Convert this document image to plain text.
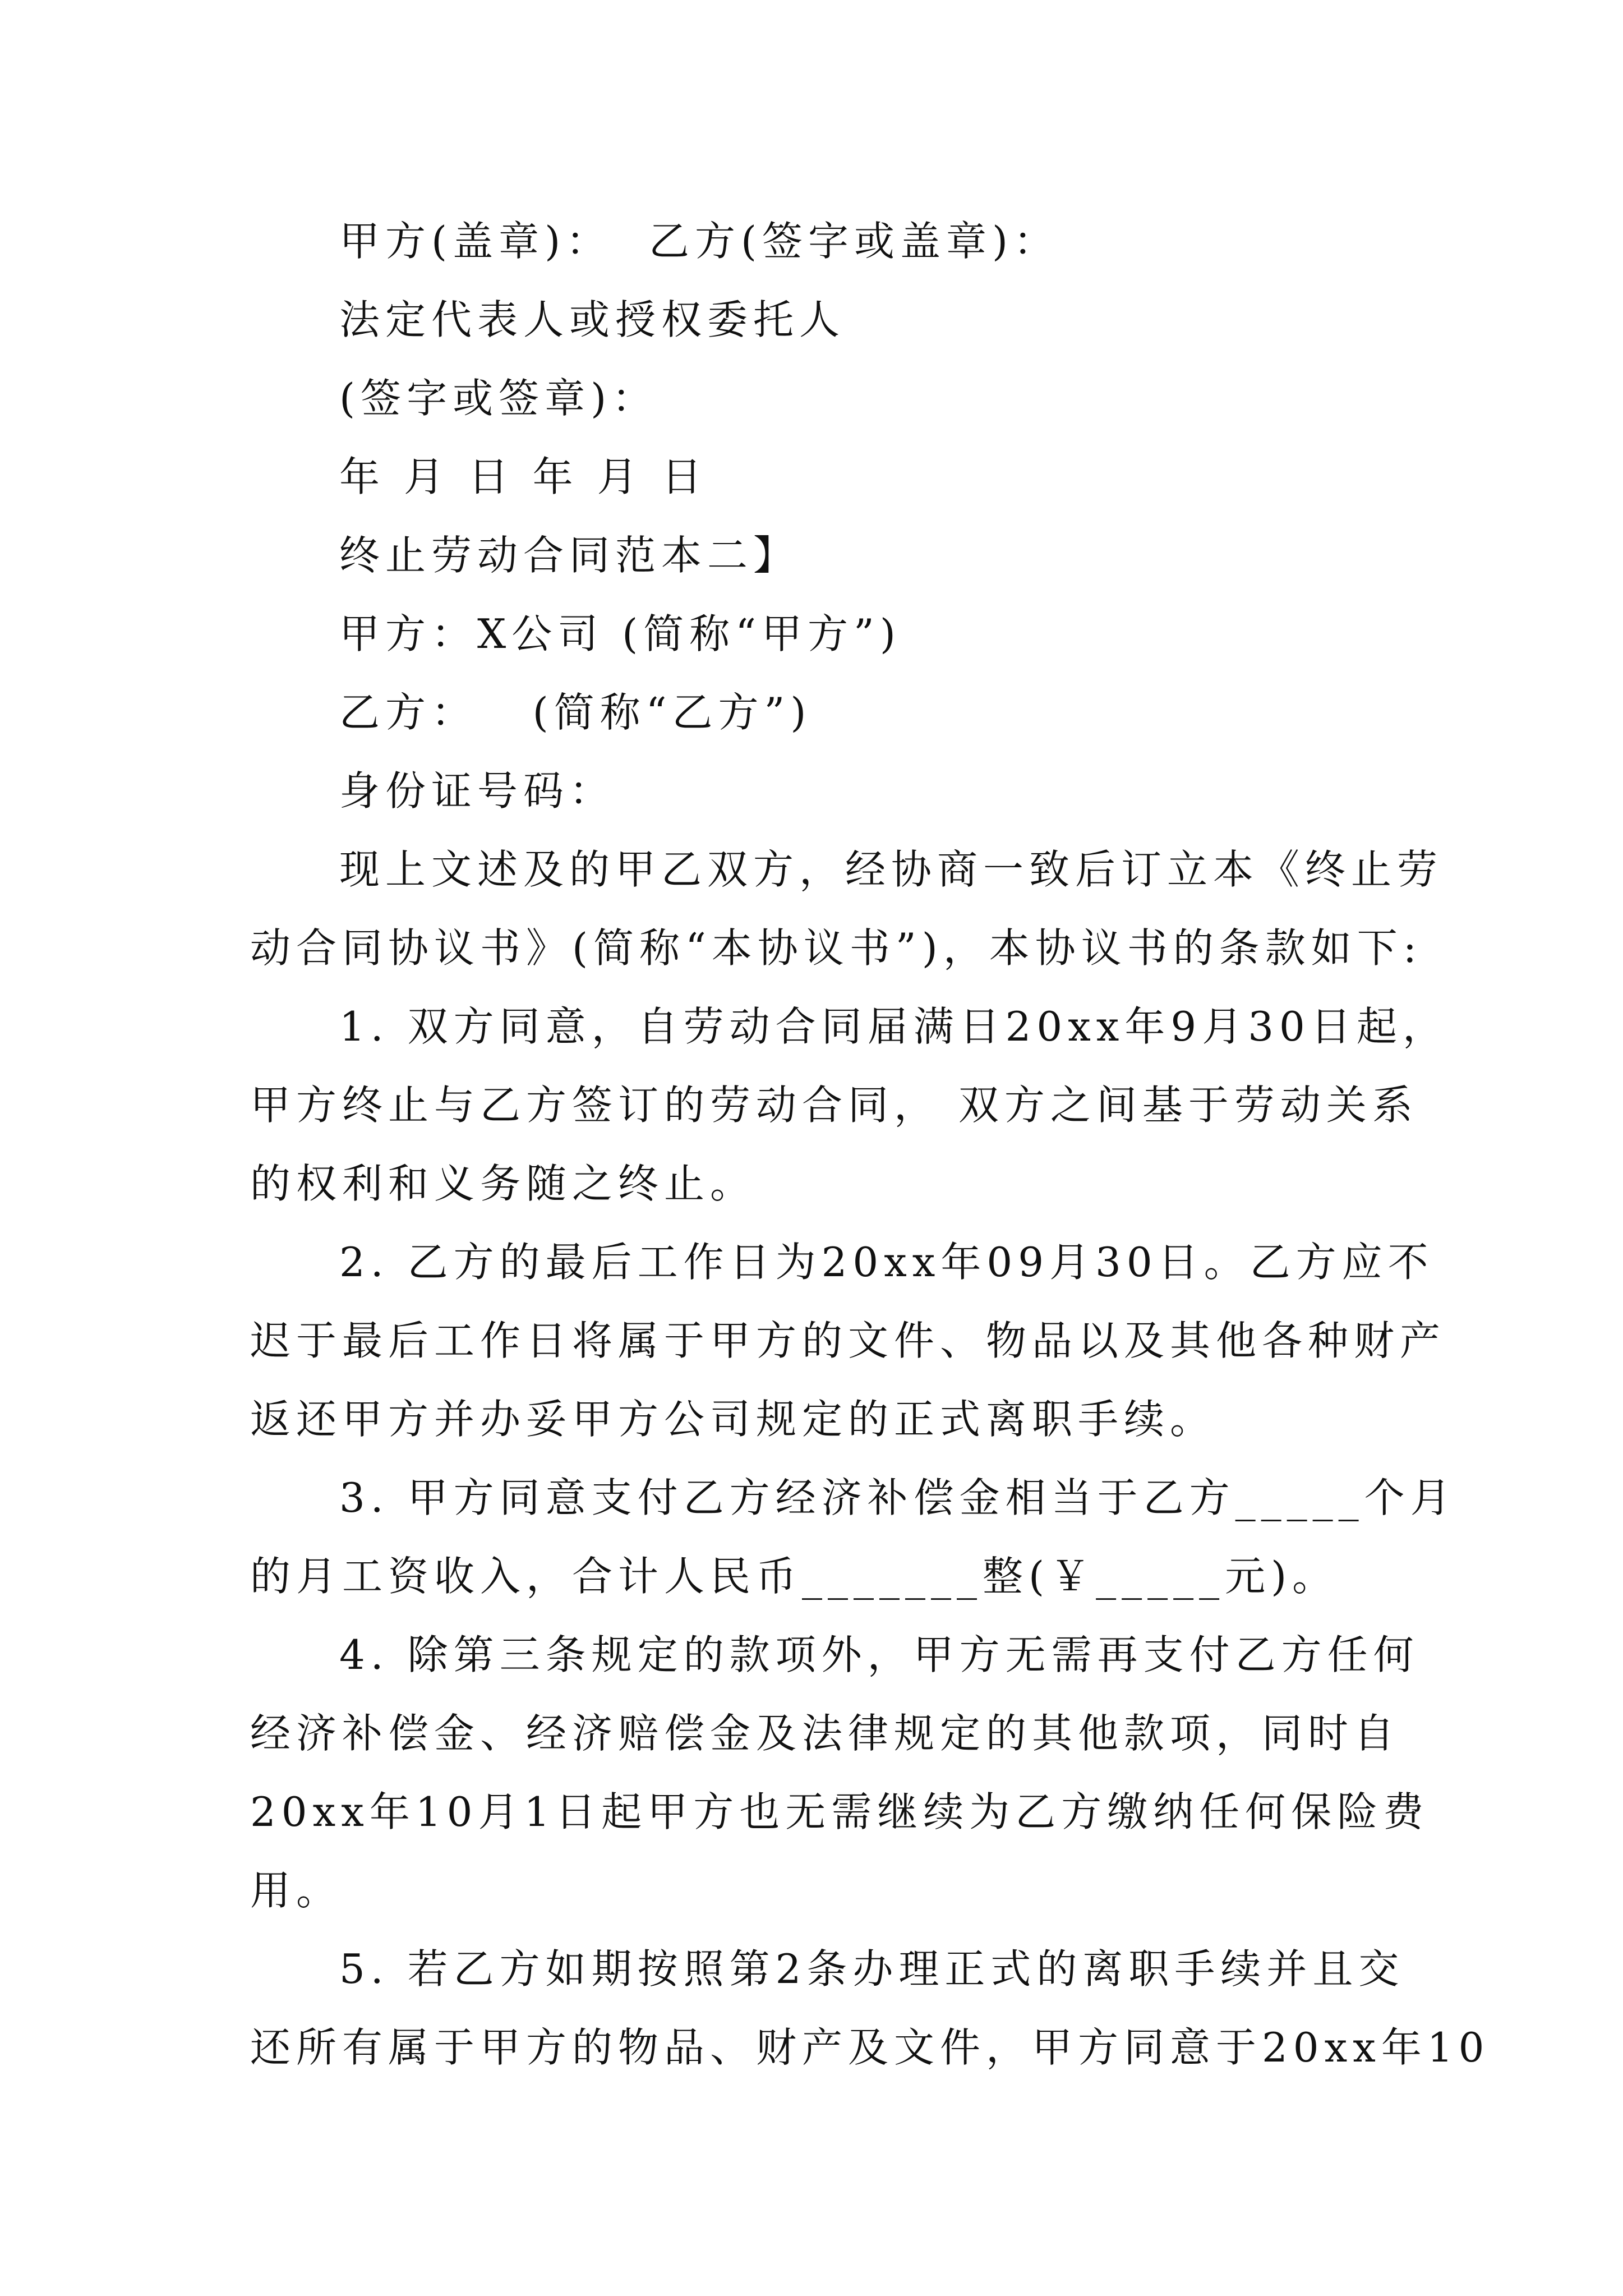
甲方(盖章)：  乙方(签字或盖章)：
法定代表人或授权委托人
(签字或签章)：
年 月 日 年 月 日
终止劳动合同范本二】
甲方：X公司 (简称“甲方”)
乙方：   (简称“乙方”)
身份证号码：
现上文述及的甲乙双方，经协商一致后订立本《终止劳
动合同协议书》(简称“本协议书”)，本协议书的条款如下:
1. 双方同意，自劳动合同届满日20xx年9月30日起，
甲方终止与乙方签订的劳动合同， 双方之间基于劳动关系
的权利和义务随之终止。
2. 乙方的最后工作日为20xx年09月30日。乙方应不
迟于最后工作日将属于甲方的文件、物品以及其他各种财产
返还甲方并办妥甲方公司规定的正式离职手续。
3. 甲方同意支付乙方经济补偿金相当于乙方_____个月
的月工资收入，合计人民币_______整(￥_____元)。
4. 除第三条规定的款项外，甲方无需再支付乙方任何
经济补偿金、经济赔偿金及法律规定的其他款项，同时自
20xx年10月1日起甲方也无需继续为乙方缴纳任何保险费
用。
5. 若乙方如期按照第2条办理正式的离职手续并且交
还所有属于甲方的物品、财产及文件，甲方同意于20xx年10
